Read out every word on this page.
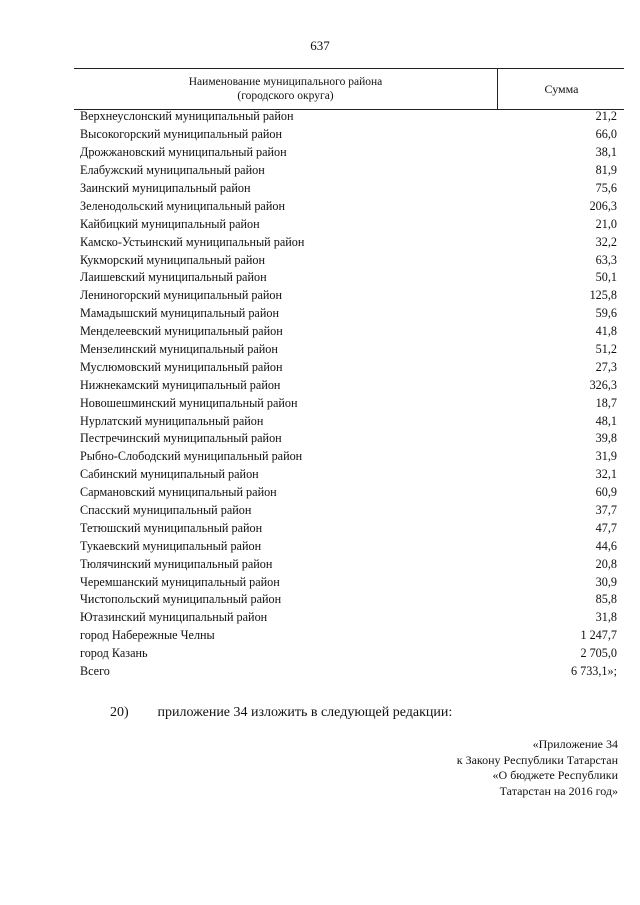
637
Наименование муниципального района
(городского округа)
Сумма
Верхнеуслонский муниципальный район	21,2
Высокогорский муниципальный район	66,0
Дрожжановский муниципальный район	38,1
Елабужский муниципальный район	81,9
Заинский муниципальный район	75,6
Зеленодольский муниципальный район	206,3
Кайбицкий муниципальный район	21,0
Камско-Устьинский муниципальный район	32,2
Кукморский муниципальный район	63,3
Лаишевский муниципальный район	50,1
Лениногорский муниципальный район	125,8
Мамадышский муниципальный район	59,6
Менделеевский муниципальный район	41,8
Мензелинский муниципальный район	51,2
Муслюмовский муниципальный район	27,3
Нижнекамский муниципальный район	326,3
Новошешминский муниципальный район	18,7
Нурлатский муниципальный район	48,1
Пестречинский муниципальный район	39,8
Рыбно-Слободский муниципальный район	31,9
Сабинский муниципальный район	32,1
Сармановский муниципальный район	60,9
Спасский муниципальный район	37,7
Тетюшский муниципальный район	47,7
Тукаевский муниципальный район	44,6
Тюлячинский муниципальный район	20,8
Черемшанский муниципальный район	30,9
Чистопольский муниципальный район	85,8
Ютазинский муниципальный район	31,8
город Набережные Челны	1 247,7
город Казань	2 705,0
Всего	6 733,1»;
20) приложение 34 изложить в следующей редакции:
«Приложение 34
к Закону Республики Татарстан
«О бюджете Республики
Татарстан на 2016 год»
